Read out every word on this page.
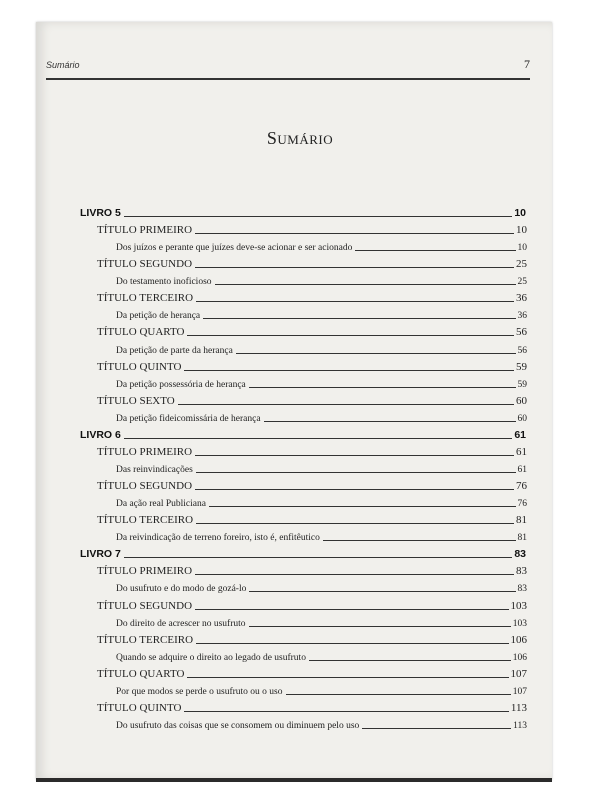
Sumário	7
Sumário
LIVRO 5	10
TÍTULO PRIMEIRO	10
Dos juízos e perante que juízes deve-se acionar e ser acionado	10
TÍTULO SEGUNDO	25
Do testamento inoficioso	25
TÍTULO TERCEIRO	36
Da petição de herança	36
TÍTULO QUARTO	56
Da petição de parte da herança	56
TÍTULO QUINTO	59
Da petição possessória de herança	59
TÍTULO SEXTO	60
Da petição fideicomissária de herança	60
LIVRO 6	61
TÍTULO PRIMEIRO	61
Das reinvindicações	61
TÍTULO SEGUNDO	76
Da ação real Publiciana	76
TÍTULO TERCEIRO	81
Da reivindicação de terreno foreiro, isto é, enfitêutico	81
LIVRO 7	83
TÍTULO PRIMEIRO	83
Do usufruto e do modo de gozá-lo	83
TÍTULO SEGUNDO	103
Do direito de acrescer no usufruto	103
TÍTULO TERCEIRO	106
Quando se adquire o direito ao legado de usufruto	106
TÍTULO QUARTO	107
Por que modos se perde o usufruto ou o uso	107
TÍTULO QUINTO	113
Do usufruto das coisas que se consomem ou diminuem pelo uso	113
